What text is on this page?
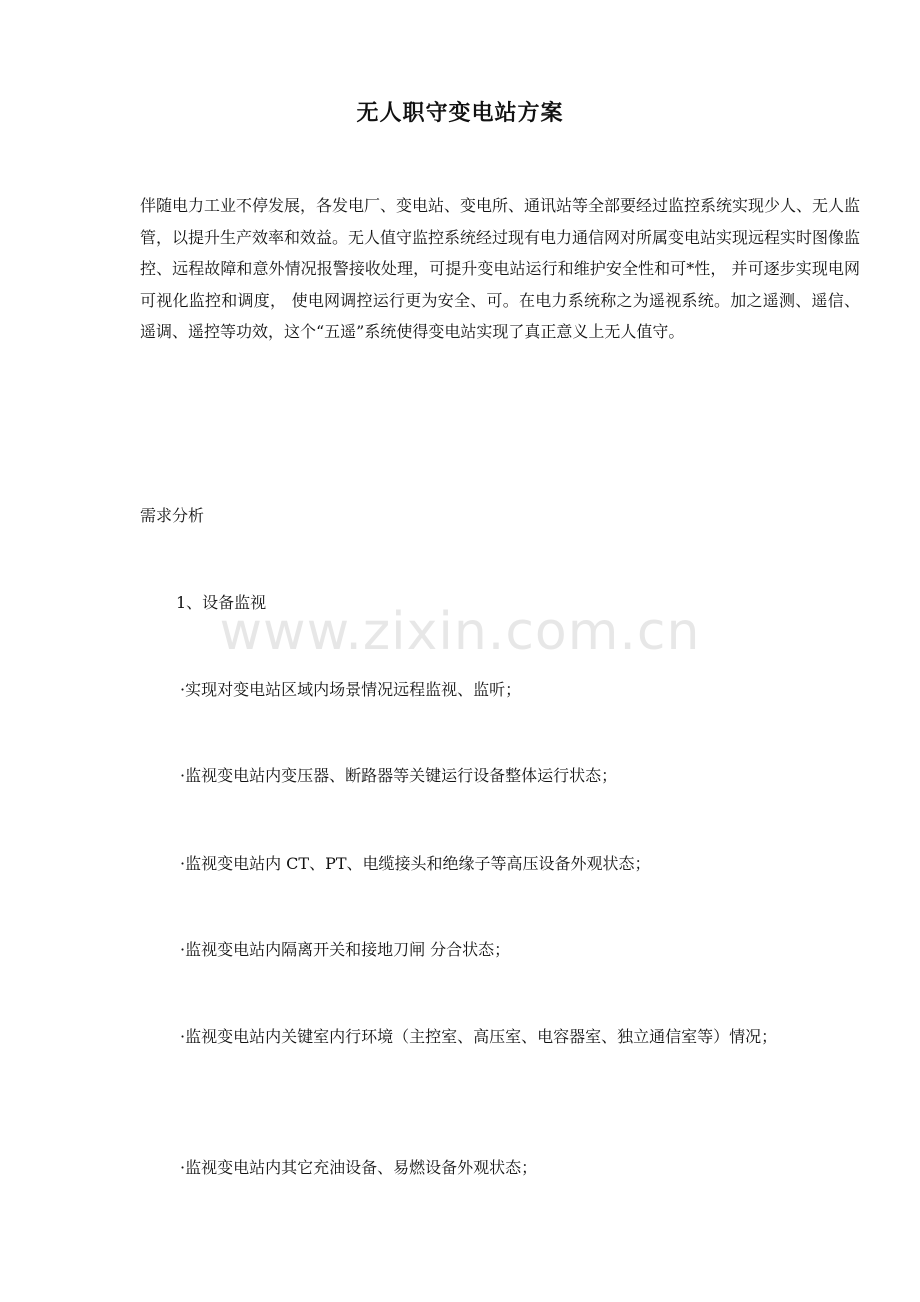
无人职守变电站方案

伴随电力工业不停发展，各发电厂、变电站、变电所、通讯站等全部要经过监控系统实现少人、无人监管，以提升生产效率和效益。无人值守监控系统经过现有电力通信网对所属变电站实现远程实时图像监控、远程故障和意外情况报警接收处理，可提升变电站运行和维护安全性和可*性， 并可逐步实现电网可视化监控和调度， 使电网调控运行更为安全、可。在电力系统称之为遥视系统。加之遥测、遥信、遥调、遥控等功效，这个“五遥”系统使得变电站实现了真正意义上无人值守。

需求分析

1、设备监视

·实现对变电站区域内场景情况远程监视、监听；

·监视变电站内变压器、断路器等关键运行设备整体运行状态；

·监视变电站内 CT、PT、电缆接头和绝缘子等高压设备外观状态；

·监视变电站内隔离开关和接地刀闸 分合状态；

·监视变电站内关键室内行环境（主控室、高压室、电容器室、独立通信室等）情况；

·监视变电站内其它充油设备、易燃设备外观状态；

www.zixin.com.cn
